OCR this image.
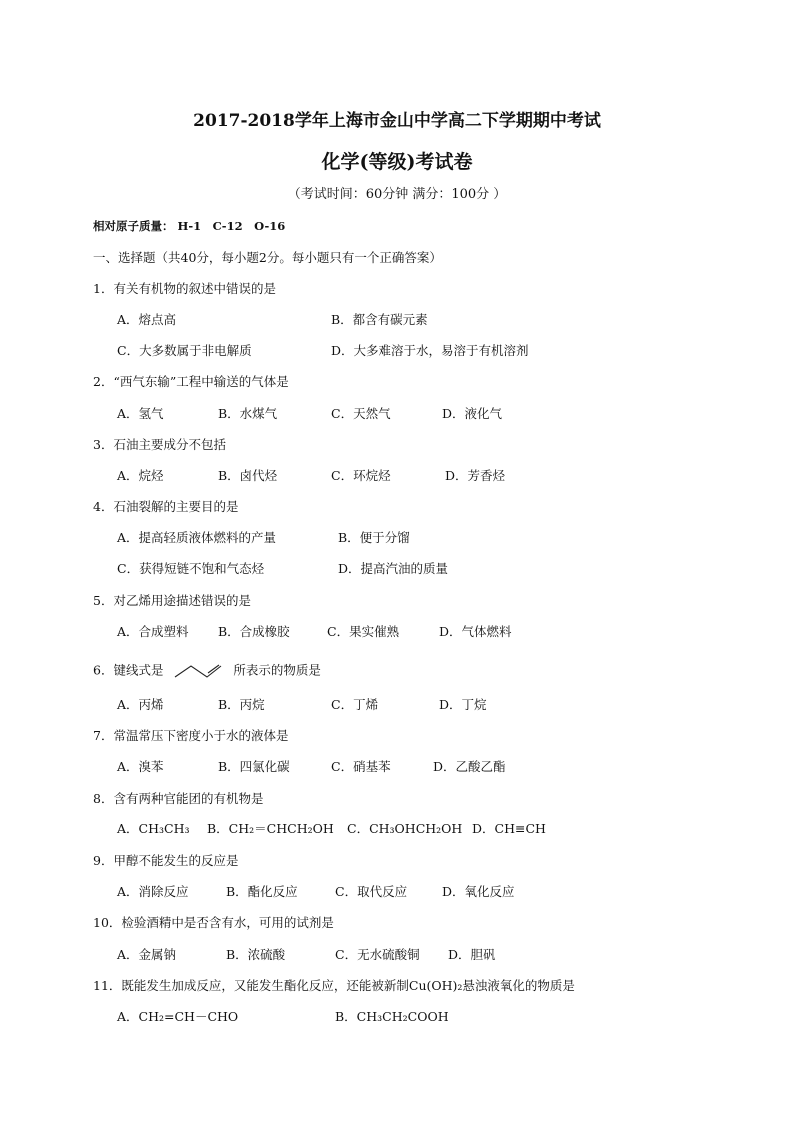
2017-2018学年上海市金山中学高二下学期期中考试
化学(等级)考试卷
（考试时间：60分钟 满分：100分 ）
相对原子质量： H-1　C-12　O-16
一、选择题（共40分，每小题2分。每小题只有一个正确答案）
1．有关有机物的叙述中错误的是
A．熔点高	B．都含有碳元素
C．大多数属于非电解质	D．大多难溶于水，易溶于有机溶剂
2．“西气东输”工程中输送的气体是
A．氢气	B．水煤气	C．天然气	D．液化气
3．石油主要成分不包括
A．烷烃	B．卤代烃	C．环烷烃	D．芳香烃
4．石油裂解的主要目的是
A．提高轻质液体燃料的产量	B．便于分馏
C．获得短链不饱和气态烃	D．提高汽油的质量
5．对乙烯用途描述错误的是
A．合成塑料 B．合成橡胶	C．果实催熟	D．气体燃料
6．键线式是	所表示的物质是
A．丙烯	B．丙烷	C．丁烯	D．丁烷
7．常温常压下密度小于水的液体是
A．溴苯	B．四氯化碳	C．硝基苯	D．乙酸乙酯
8．含有两种官能团的有机物是
A．CH₃CH₃ B．CH₂＝CHCH₂OH C．CH₃OHCH₂OH D．CH≡CH
9．甲醇不能发生的反应是
A．消除反应	B．酯化反应	C．取代反应	D．氧化反应
10．检验酒精中是否含有水，可用的试剂是
A．金属钠	B．浓硫酸	C．无水硫酸铜 D．胆矾
11．既能发生加成反应，又能发生酯化反应，还能被新制Cu(OH)₂悬浊液氧化的物质是
A．CH₂=CH－CHO	B．CH₃CH₂COOH
